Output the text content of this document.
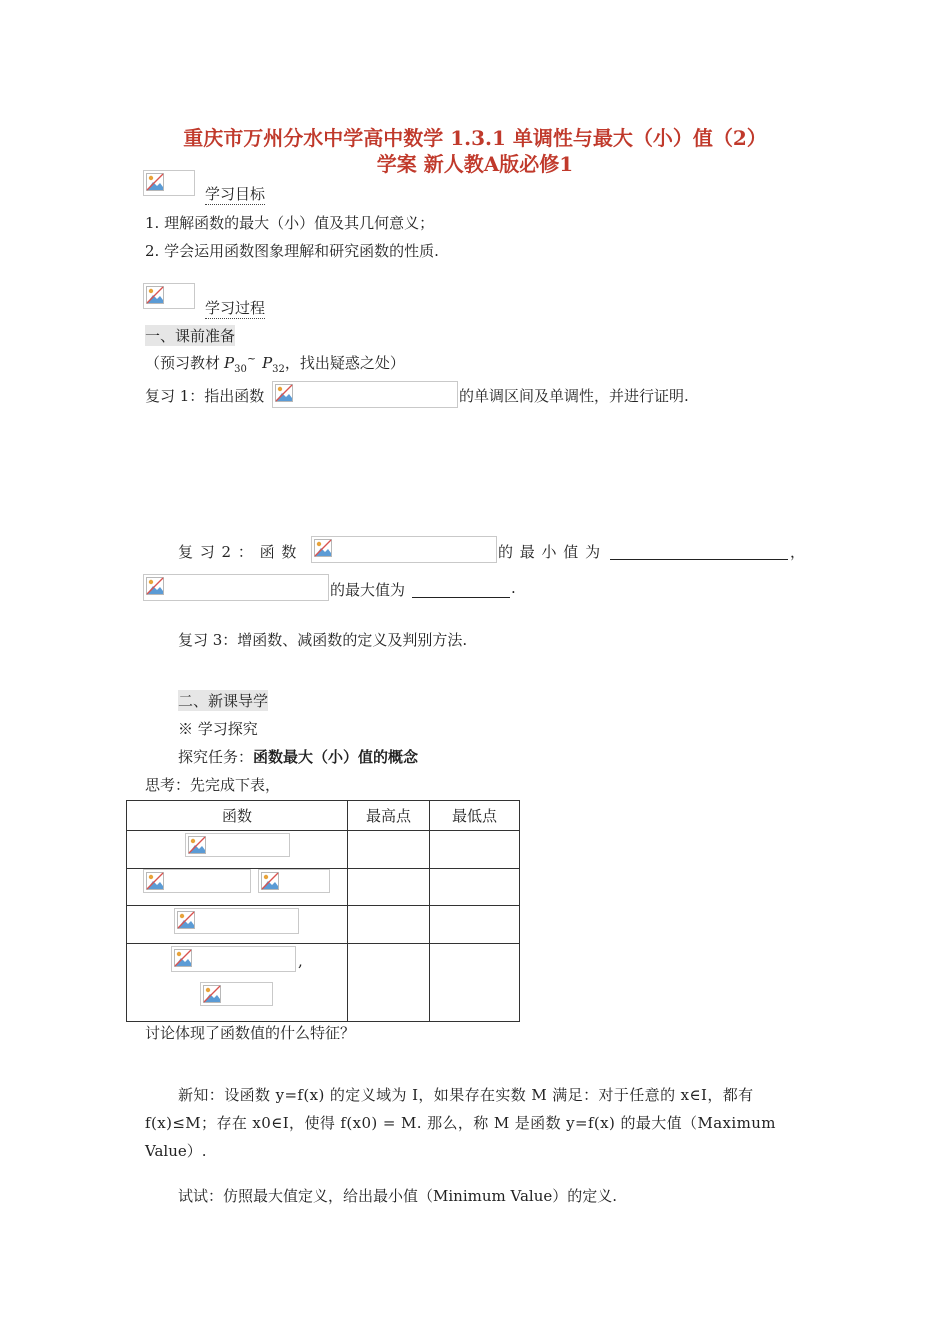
重庆市万州分水中学高中数学 1.3.1 单调性与最大（小）值（2）
学案 新人教A版必修1
学习目标
1. 理解函数的最大（小）值及其几何意义；
2. 学会运用函数图象理解和研究函数的性质.
学习过程
一、课前准备
（预习教材 $P_{30}^\sim$ $P_{32}$，找出疑惑之处）
复习 1：指出函数	的单调区间及单调性，并进行证明.
复 习 2 ： 函 数	的 最 小 值 为	，
的最大值为	.
复习 3：增函数、减函数的定义及判别方法.
二、新课导学
※ 学习探究
探究任务：函数最大（小）值的概念
思考：先完成下表，
函数	最高点	最低点

,		

讨论体现了函数值的什么特征？
新知：设函数 y=f(x) 的定义域为 I，如果存在实数 M 满足：对于任意的 x∈I，都有
f(x)≤M；存在 x0∈I，使得 f(x0) = M. 那么，称 M 是函数 y=f(x) 的最大值（Maximum
Value）.
试试：仿照最大值定义，给出最小值（Minimum Value）的定义.
